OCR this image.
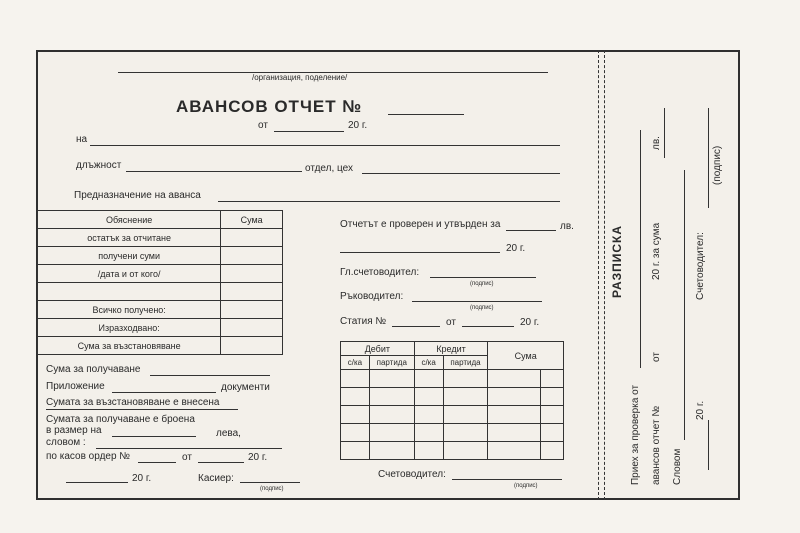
/организация, поделение/
АВАНСОВ ОТЧЕТ №
от	20 г.
на
длъжност	отдел, цех
Предназначение на аванса
Обяснение	Сума
остатък за отчитане	
получени суми	
/дата и от кого/	

Всичко получено:	
Изразходвано:	
Сума за възстановяване	
Сума за получаване
Приложение	документи
Сумата за възстановяване е внесена
Сумата за получаване е броена
в размер на	лева,
словом :
по касов ордер №	от	20 г.
20 г.	Касиер:
(подпис)
Отчетът е проверен и утвърден за	лв.
20 г.
Гл.счетоводител:
(подпис)
Ръководител:
(подпис)
Статия №	от	20 г.
Дебит		Кредит		Сума	
с/ка	партида	с/ка	партида		

Счетоводител:
(подпис)
РАЗПИСКА
Приех за проверка от авансов отчет №
от
20 г. за сума
лв.
Словом
Счетоводител:
(подпис)
20 г.
